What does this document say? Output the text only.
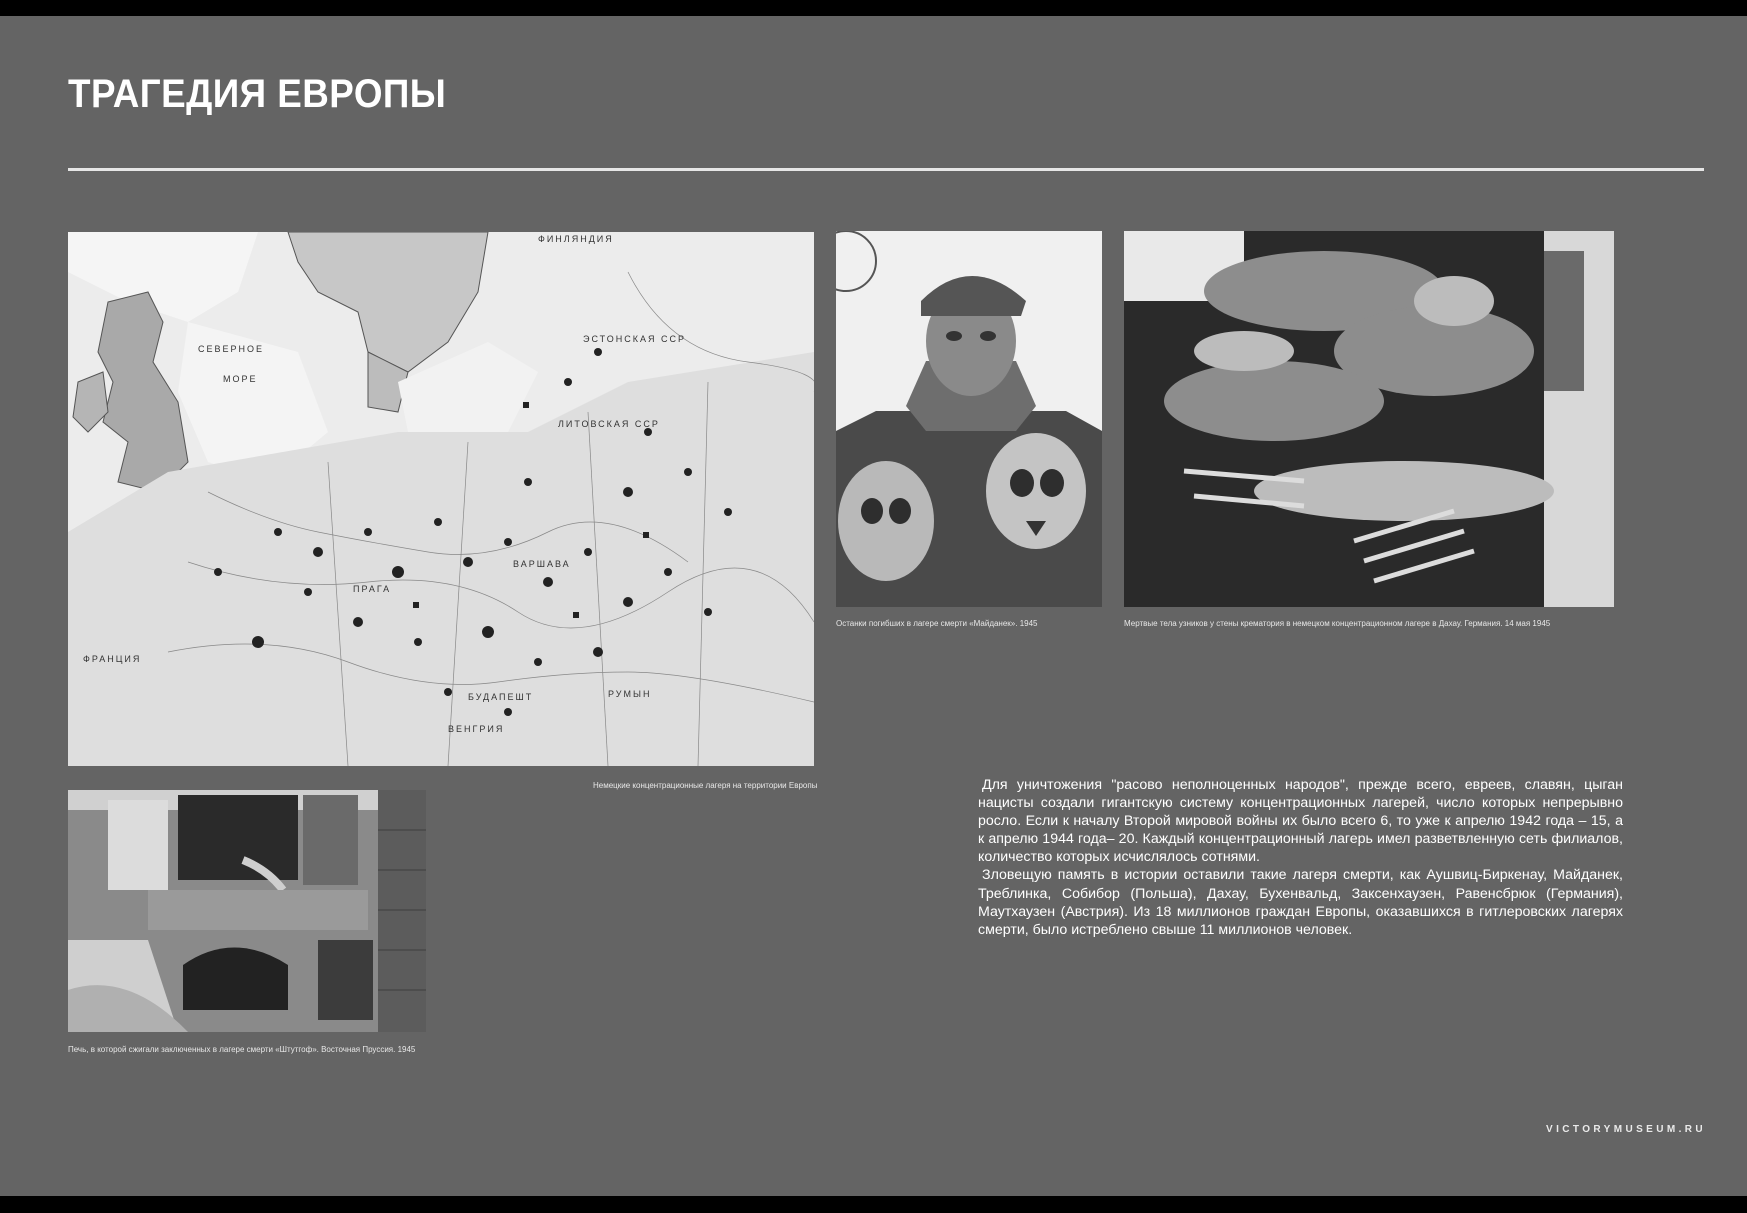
ТРАГЕДИЯ ЕВРОПЫ
ФИНЛЯНДИЯ
СЕВЕРНОЕ
МОРЕ
ЛИТОВСКАЯ ССР
ЭСТОНСКАЯ ССР
ПРАГА
ВАРШАВА
БУДАПЕШТ
ВЕНГРИЯ
РУМЫН
ФРАНЦИЯ
Немецкие концентрационные лагеря на территории Европы
Останки погибших в лагере смерти «Майданек». 1945	Мертвые тела узников у стены крематория в немецком концентрационном лагере в Дахау. Германия. 14 мая 1945
Печь, в которой сжигали заключенных в лагере смерти «Штутгоф». Восточная Пруссия. 1945

Для уничтожения "расово неполноценных народов", прежде всего, евреев, славян, цыган нацисты создали гигантскую систему концентрационных лагерей, число которых непрерывно росло. Если к началу Второй мировой войны их было всего 6, то уже к апрелю 1942 года – 15, а к апрелю 1944 года– 20. Каждый концентрационный лагерь имел разветвленную сеть филиалов, количество которых исчислялось сотнями.

Зловещую память в истории оставили такие лагеря смерти, как Аушвиц-Биркенау, Майданек, Треблинка, Собибор (Польша), Дахау, Бухенвальд, Заксенхаузен, Равенсбрюк (Германия), Маутхаузен (Австрия). Из 18 миллионов граждан Европы, оказавшихся в гитлеровских лагерях смерти, было истреблено свыше 11 миллионов человек.

VICTORYMUSEUM.RU
